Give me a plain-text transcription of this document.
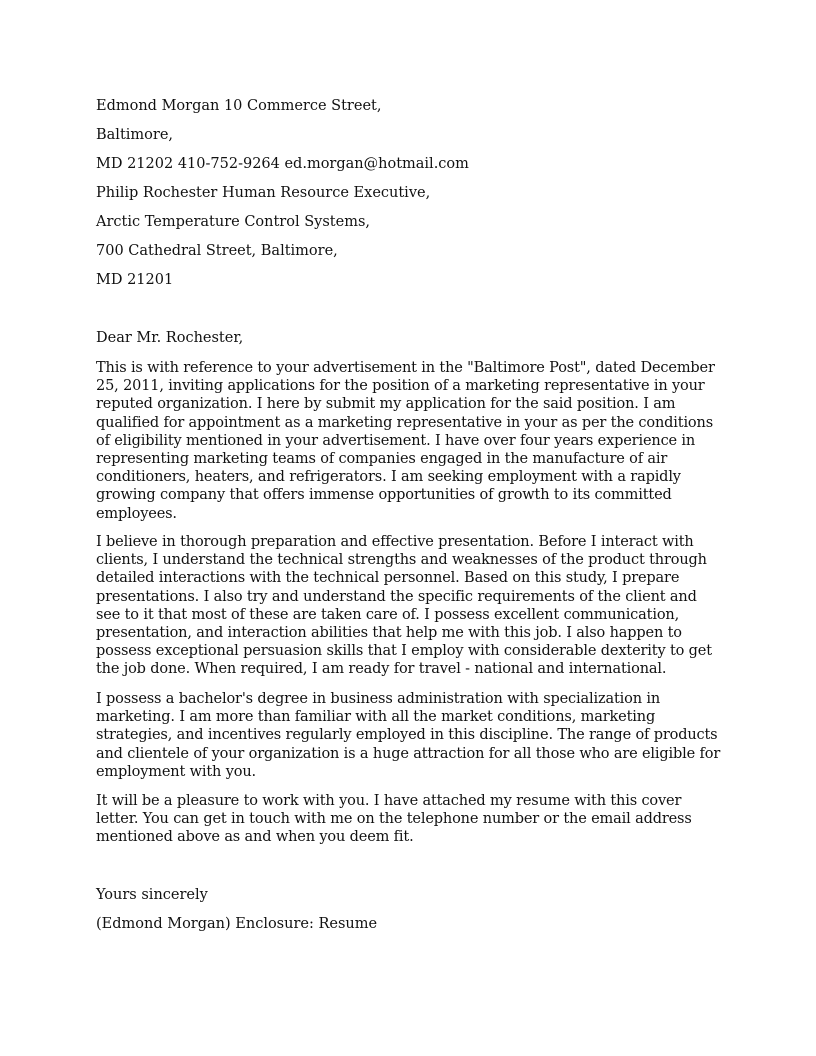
Edmond Morgan 10 Commerce Street,
Baltimore,
MD 21202 410-752-9264 ed.morgan@hotmail.com
Philip Rochester Human Resource Executive,
Arctic Temperature Control Systems,
700 Cathedral Street, Baltimore,
MD 21201
Dear Mr. Rochester,

This is with reference to your advertisement in the "Baltimore Post", dated December 25, 2011, inviting applications for the position of a marketing representative in your reputed organization. I here by submit my application for the said position. I am qualified for appointment as a marketing representative in your as per the conditions of eligibility mentioned in your advertisement. I have over four years experience in representing marketing teams of companies engaged in the manufacture of air conditioners, heaters, and refrigerators. I am seeking employment with a rapidly growing company that offers immense opportunities of growth to its committed employees.

I believe in thorough preparation and effective presentation. Before I interact with clients, I understand the technical strengths and weaknesses of the product through detailed interactions with the technical personnel. Based on this study, I prepare presentations. I also try and understand the specific requirements of the client and see to it that most of these are taken care of. I possess excellent communication, presentation, and interaction abilities that help me with this job. I also happen to possess exceptional persuasion skills that I employ with considerable dexterity to get the job done. When required, I am ready for travel - national and international.

I possess a bachelor's degree in business administration with specialization in marketing. I am more than familiar with all the market conditions, marketing strategies, and incentives regularly employed in this discipline. The range of products and clientele of your organization is a huge attraction for all those who are eligible for employment with you.

It will be a pleasure to work with you. I have attached my resume with this cover letter. You can get in touch with me on the telephone number or the email address mentioned above as and when you deem fit.

Yours sincerely
(Edmond Morgan) Enclosure: Resume
